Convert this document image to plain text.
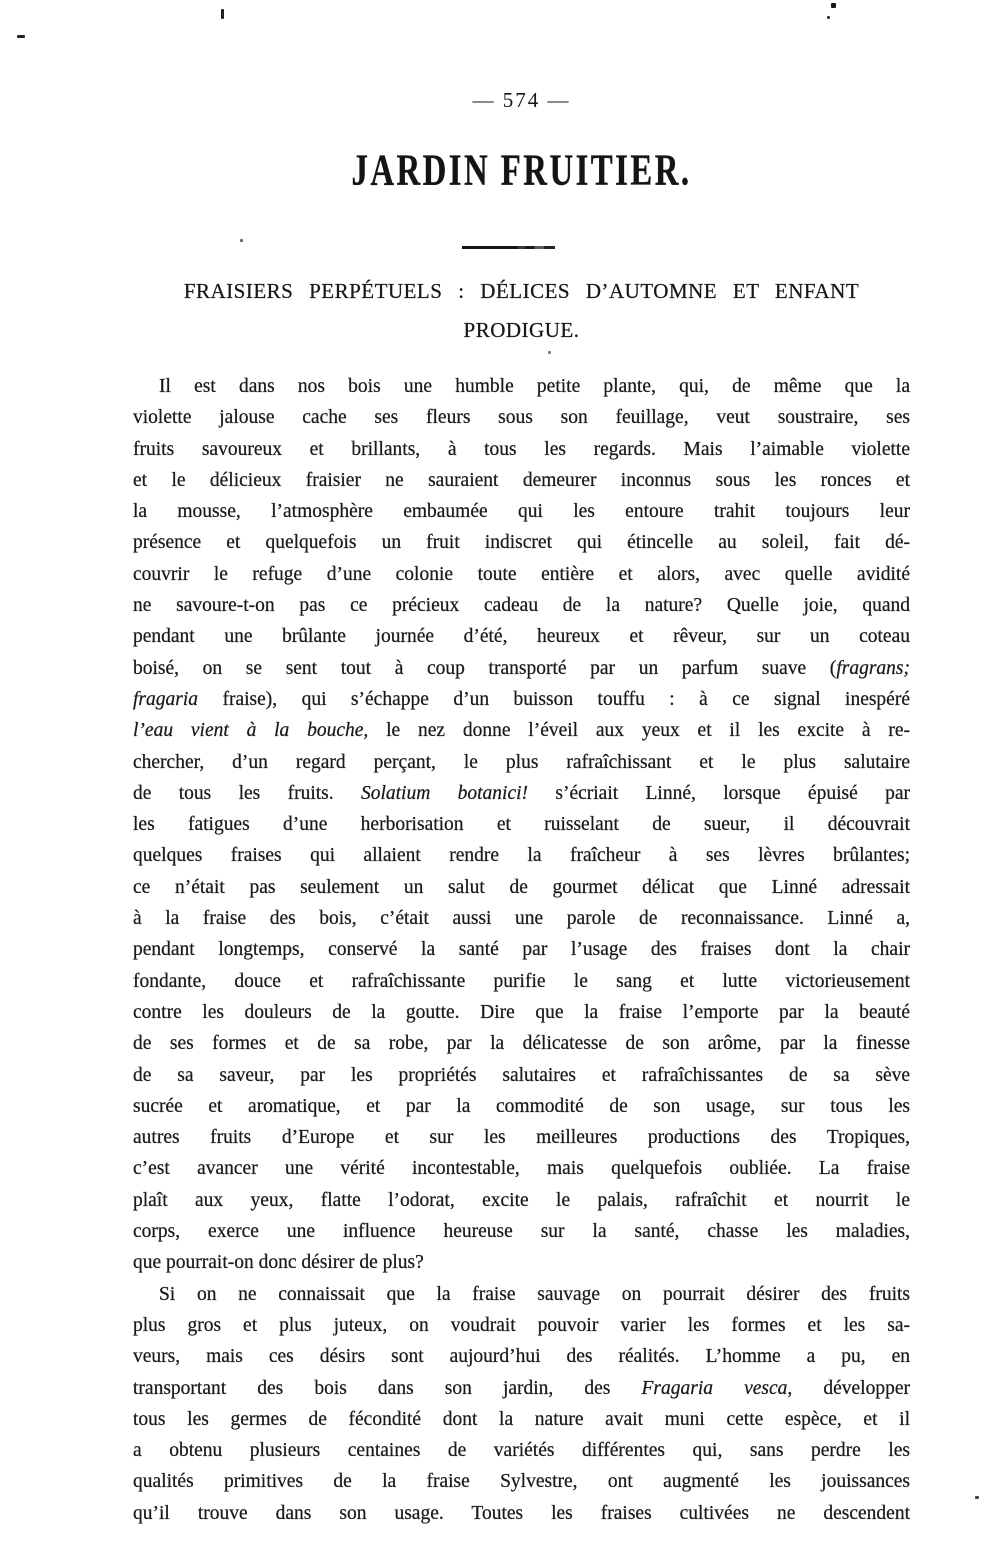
— 574 —
JARDIN FRUITIER.
FRAISIERS PERPÉTUELS : DÉLICES D’AUTOMNE ET ENFANT
PRODIGUE.
Il est dans nos bois une humble petite plante, qui, de même que la
violette jalouse cache ses fleurs sous son feuillage, veut soustraire, ses
fruits savoureux et brillants, à tous les regards. Mais l’aimable violette
et le délicieux fraisier ne sauraient demeurer inconnus sous les ronces et
la mousse, l’atmosphère embaumée qui les entoure trahit toujours leur
présence et quelquefois un fruit indiscret qui étincelle au soleil, fait dé-
couvrir le refuge d’une colonie toute entière et alors, avec quelle avidité
ne savoure-t-on pas ce précieux cadeau de la nature? Quelle joie, quand
pendant une brûlante journée d’été, heureux et rêveur, sur un coteau
boisé, on se sent tout à coup transporté par un parfum suave (fragrans;
fragaria fraise), qui s’échappe d’un buisson touffu : à ce signal inespéré
l’eau vient à la bouche, le nez donne l’éveil aux yeux et il les excite à re-
chercher, d’un regard perçant, le plus rafraîchissant et le plus salutaire
de tous les fruits. Solatium botanici! s’écriait Linné, lorsque épuisé par
les fatigues d’une herborisation et ruisselant de sueur, il découvrait
quelques fraises qui allaient rendre la fraîcheur à ses lèvres brûlantes;
ce n’était pas seulement un salut de gourmet délicat que Linné adressait
à la fraise des bois, c’était aussi une parole de reconnaissance. Linné a,
pendant longtemps, conservé la santé par l’usage des fraises dont la chair
fondante, douce et rafraîchissante purifie le sang et lutte victorieusement
contre les douleurs de la goutte. Dire que la fraise l’emporte par la beauté
de ses formes et de sa robe, par la délicatesse de son arôme, par la finesse
de sa saveur, par les propriétés salutaires et rafraîchissantes de sa sève
sucrée et aromatique, et par la commodité de son usage, sur tous les
autres fruits d’Europe et sur les meilleures productions des Tropiques,
c’est avancer une vérité incontestable, mais quelquefois oubliée. La fraise
plaît aux yeux, flatte l’odorat, excite le palais, rafraîchit et nourrit le
corps, exerce une influence heureuse sur la santé, chasse les maladies,
que pourrait-on donc désirer de plus?
Si on ne connaissait que la fraise sauvage on pourrait désirer des fruits
plus gros et plus juteux, on voudrait pouvoir varier les formes et les sa-
veurs, mais ces désirs sont aujourd’hui des réalités. L’homme a pu, en
transportant des bois dans son jardin, des Fragaria vesca, développer
tous les germes de fécondité dont la nature avait muni cette espèce, et il
a obtenu plusieurs centaines de variétés différentes qui, sans perdre les
qualités primitives de la fraise Sylvestre, ont augmenté les jouissances
qu’il trouve dans son usage. Toutes les fraises cultivées ne descendent
